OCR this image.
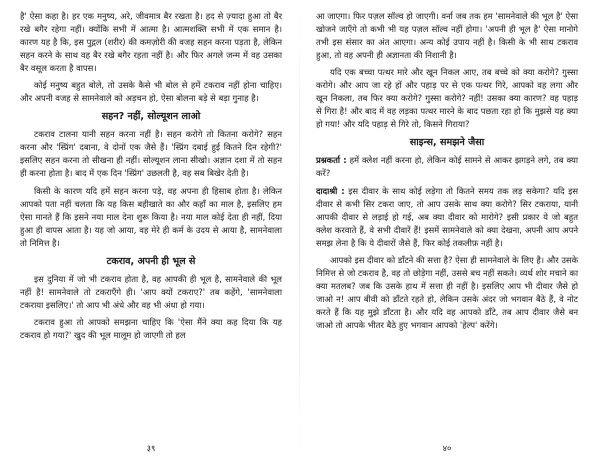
है' ऐसा कहा है। हर एक मनुष्य, अरे, जीवमात्र बैर रखता है। हद से ज़्यादा हुआ तो बैर रखे बगैर रहेगा नहीं। क्योंकि सभी में आत्मा है। आत्मशक्ति सभी में एक समान है। कारण यह है कि, इस पुद्गल (शरीर) की कमज़ोरी की वजह सहन करना पड़ता है, लेकिन सहन करने के साथ वह बैर रखे बगैर रहता नहीं है। और फिर अगले जन्म में वह उसका बैर वसूल करता है वापस।

कोई मनुष्य बहुत बोले, तो उसके कैसे भी बोल से हमें टकराव नहीं होना चाहिए। और अपनी वजह से सामनेवाले को अड़चन हो, ऐसा बोलना बड़े से बड़ा गुनाह है।

सहन? नहीं, सोल्यूशन लाओ

टकराव टालना यानी सहन करना नहीं है। सहन करोगे तो कितना करोगे? सहन करना और 'स्प्रिंग' दबाना, वे दोनों एक जैसे हैं। 'स्प्रिंग दबाई हुई कितने दिन रहेगी?' इसलिए सहन करना तो सीखना ही नहीं। सोल्यूशन लाना सीखो। अज्ञान दशा में तो सहन ही करना होता है। बाद में एक दिन 'स्प्रिंग' उछलती है, वह सब बिखेर देती है।

किसी के कारण यदि हमें सहन करना पड़े, वह अपना ही हिसाब होता है। लेकिन आपको पता नहीं चलता कि यह किस बहीखाते का और कहाँ का माल है, इसलिए हम ऐसा मानते हैं कि इसने नया माल देना शुरू किया है। नया माल कोई देता ही नहीं, दिया हुआ ही वापस आता है। यह जो आया, वह मेरे ही कर्म के उदय से आया है, सामनेवाला तो निमित्त है।

टकराव, अपनी ही भूल से

इस दुनिया में जो भी टकराव होता है, वह आपकी ही भूल है, सामनेवाले की भूल नहीं है! सामनेवाले तो टकराएँगे ही। 'आप क्यों टकराए?' तब कहेंगे, 'सामनेवाला टकराया इसलिए।' तो आप भी अंधे और वह भी अंधा हो गया।

टकराव हुआ तो आपको समझना चाहिए कि 'ऐसा मैंने क्या कह दिया कि यह टकराव हो गया?' खुद की भूल मालूम हो जाएगी तो हल

३९

आ जाएगा। फिर पज़ल सॉल्व हो जाएगी। वर्ना जब तक हम 'सामनेवाले की भूल है' ऐसा खोजने जाएँगे तो कभी भी यह पज़ल सॉल्व नहीं होगा। 'अपनी ही भूल है' ऐसा मानोगे तभी इस संसार का अंत आएगा। अन्य कोई उपाय नहीं है। किसी के भी साथ टकराव हुआ, तो वह अपनी ही अज्ञानता की निशानी है।

यदि एक बच्चा पत्थर मारे और खून निकल आए, तब बच्चे को क्या करोगे? गुस्सा करोगे। और आप जा रहे हों और पहाड़ पर से एक पत्थर गिरे, आपको वह लगा और खून निकला, तब फिर क्या करोगे? गुस्सा करोगे? नहीं! उसका क्या कारण? वह पहाड़ से गिरा है! और बाद में वह लड़का पत्थर मारने के बाद पछता रहा हो कि मुझसे यह क्या हो गया! और यदि पहाड़ से गिरे तो, किसने गिराया?

साइन्स, समझने जैसा

प्रश्नकर्ता : हमें क्लेश नहीं करना हो, लेकिन कोई सामने से आकर झगड़ने लगे, तब क्या करें?

दादाश्री : इस दीवार के साथ कोई लड़ेगा तो कितने समय तक लड़ सकेगा? यदि इस दीवार से कभी सिर टकरा जाए, तो आप उसके साथ क्या करोगे? सिर टकराया, यानी आपकी दीवार से लड़ाई हो गई, अब क्या दीवार को मारोगे? इसी प्रकार ये जो बहुत क्लेश करवाते हैं, वे सभी दीवारें हैं! इसमें सामनेवाले को क्या देखना, अपनी आप अपने समझ लेना है कि ये दीवारों जैसे हैं, फिर कोई तकलीफ़ नहीं है।

आपको इस दीवार को डाँटने की सत्ता है? ऐसा ही सामनेवाले के लिए है। और उसके निमित्त से जो टकराव है, वह तो छोड़ेगा नहीं, उससे बच नहीं सकते। व्यर्थ शोर मचाने का क्या मतलब? जब कि उसके हाथ में सत्ता ही नहीं है। इसलिए आप भी दीवार जैसे हो जाओ न! आप बीवी को डाँटते रहते हो, लेकिन उसके अंदर जो भगवान बैठे हैं, वे नोट करते हैं कि यह मुझे डाँटता है। और यदि वह आपको डाँटे, तब आप दीवार जैसे बन जाओ तो आपके भीतर बैठे हुए भगवान आपको 'हेल्प' करेंगे।

४०
